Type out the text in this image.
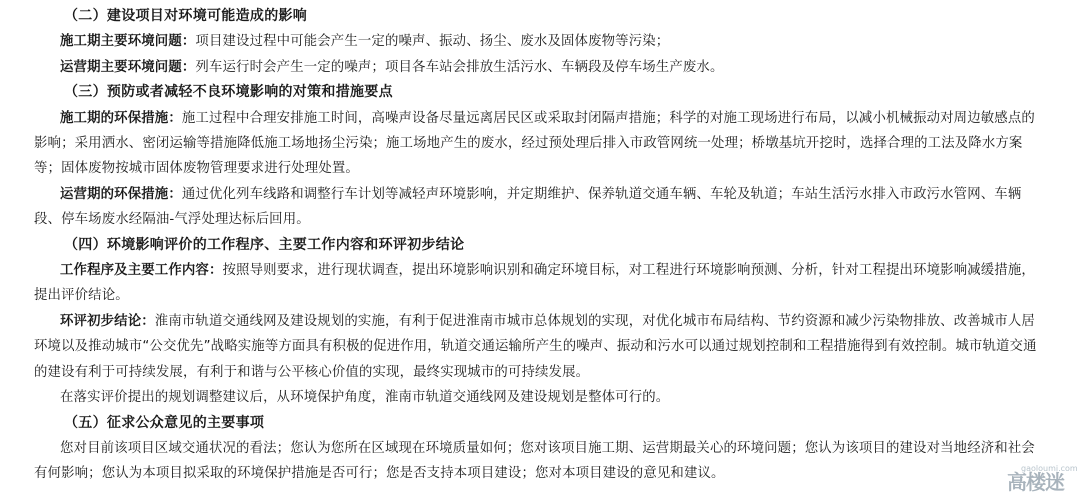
（二）建设项目对环境可能造成的影响

施工期主要环境问题：项目建设过程中可能会产生一定的噪声、振动、扬尘、废水及固体废物等污染；

运营期主要环境问题：列车运行时会产生一定的噪声；项目各车站会排放生活污水、车辆段及停车场生产废水。

（三）预防或者减轻不良环境影响的对策和措施要点

施工期的环保措施：施工过程中合理安排施工时间，高噪声设备尽量远离居民区或采取封闭隔声措施；科学的对施工现场进行布局，以减小机械振动对周边敏感点的影响；采用洒水、密闭运输等措施降低施工场地扬尘污染；施工场地产生的废水，经过预处理后排入市政管网统一处理；桥墩基坑开挖时，选择合理的工法及降水方案等；固体废物按城市固体废物管理要求进行处理处置。

运营期的环保措施：通过优化列车线路和调整行车计划等减轻声环境影响，并定期维护、保养轨道交通车辆、车轮及轨道；车站生活污水排入市政污水管网、车辆段、停车场废水经隔油-气浮处理达标后回用。

（四）环境影响评价的工作程序、主要工作内容和环评初步结论

工作程序及主要工作内容：按照导则要求，进行现状调查，提出环境影响识别和确定环境目标，对工程进行环境影响预测、分析，针对工程提出环境影响减缓措施，提出评价结论。

环评初步结论：淮南市轨道交通线网及建设规划的实施，有利于促进淮南市城市总体规划的实现，对优化城市布局结构、节约资源和减少污染物排放、改善城市人居环境以及推动城市“公交优先”战略实施等方面具有积极的促进作用，轨道交通运输所产生的噪声、振动和污水可以通过规划控制和工程措施得到有效控制。城市轨道交通的建设有利于可持续发展，有利于和谐与公平核心价值的实现，最终实现城市的可持续发展。

在落实评价提出的规划调整建议后，从环境保护角度，淮南市轨道交通线网及建设规划是整体可行的。

（五）征求公众意见的主要事项

您对目前该项目区域交通状况的看法；您认为您所在区域现在环境质量如何；您对该项目施工期、运营期最关心的环境问题；您认为该项目的建设对当地经济和社会有何影响；您认为本项目拟采取的环境保护措施是否可行；您是否支持本项目建设；您对本项目建设的意见和建议。	gaoloumi.com
高楼迷
